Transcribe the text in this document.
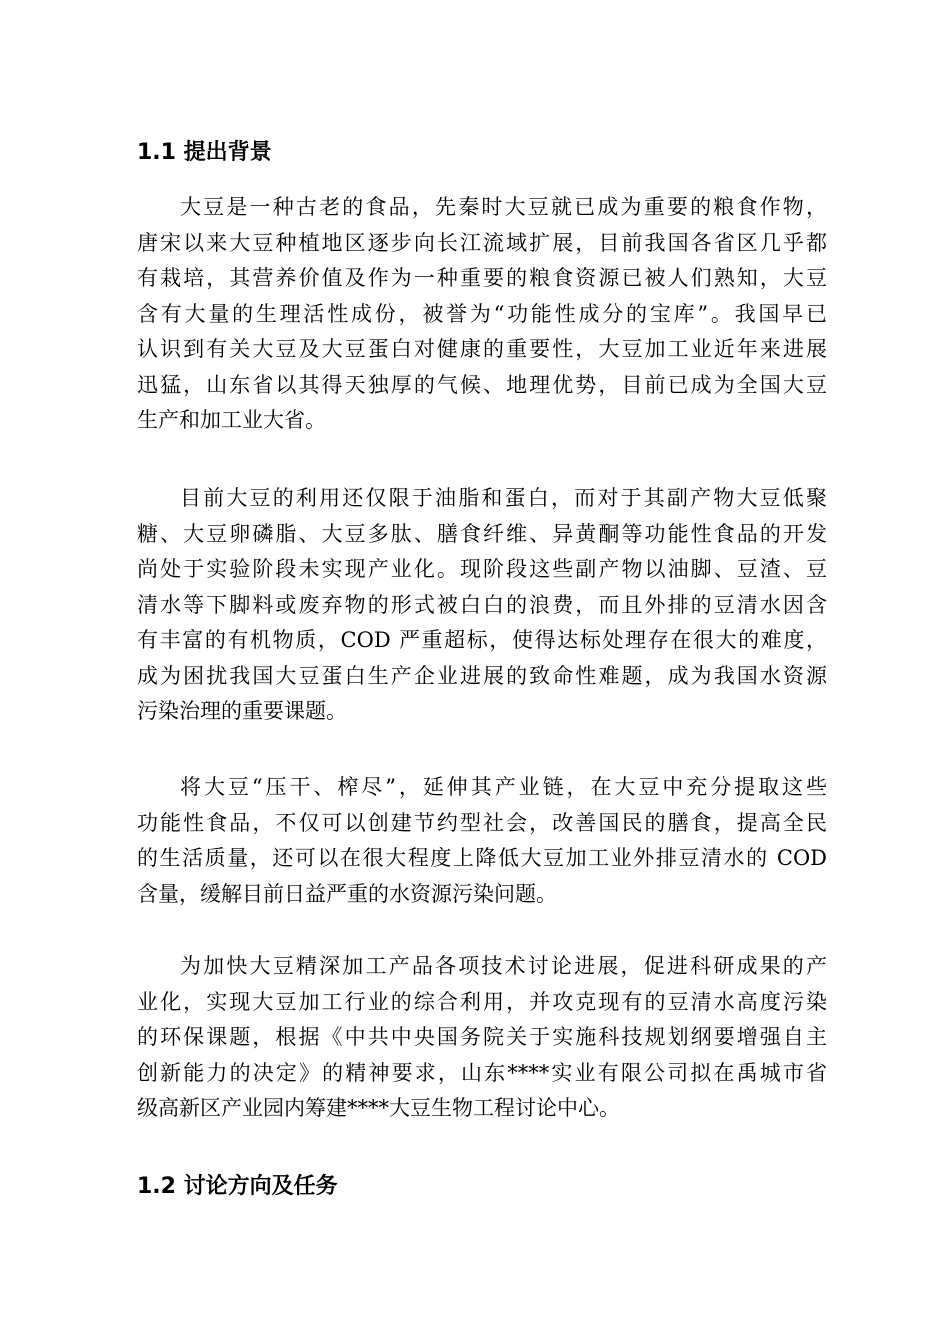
1.1 提出背景
大豆是一种古老的食品，先秦时大豆就已成为重要的粮食作物，
唐宋以来大豆种植地区逐步向长江流域扩展，目前我国各省区几乎都
有栽培，其营养价值及作为一种重要的粮食资源已被人们熟知，大豆
含有大量的生理活性成份，被誉为“功能性成分的宝库”。我国早已
认识到有关大豆及大豆蛋白对健康的重要性，大豆加工业近年来进展
迅猛，山东省以其得天独厚的气候、地理优势，目前已成为全国大豆
生产和加工业大省。
目前大豆的利用还仅限于油脂和蛋白，而对于其副产物大豆低聚
糖、大豆卵磷脂、大豆多肽、膳食纤维、异黄酮等功能性食品的开发
尚处于实验阶段未实现产业化。现阶段这些副产物以油脚、豆渣、豆
清水等下脚料或废弃物的形式被白白的浪费，而且外排的豆清水因含
有丰富的有机物质，COD 严重超标，使得达标处理存在很大的难度，
成为困扰我国大豆蛋白生产企业进展的致命性难题，成为我国水资源
污染治理的重要课题。
将大豆“压干、榨尽”，延伸其产业链，在大豆中充分提取这些
功能性食品，不仅可以创建节约型社会，改善国民的膳食，提高全民
的生活质量，还可以在很大程度上降低大豆加工业外排豆清水的 COD
含量，缓解目前日益严重的水资源污染问题。
为加快大豆精深加工产品各项技术讨论进展，促进科研成果的产
业化，实现大豆加工行业的综合利用，并攻克现有的豆清水高度污染
的环保课题，根据《中共中央国务院关于实施科技规划纲要增强自主
创新能力的决定》的精神要求，山东****实业有限公司拟在禹城市省
级高新区产业园内筹建****大豆生物工程讨论中心。
1.2 讨论方向及任务
